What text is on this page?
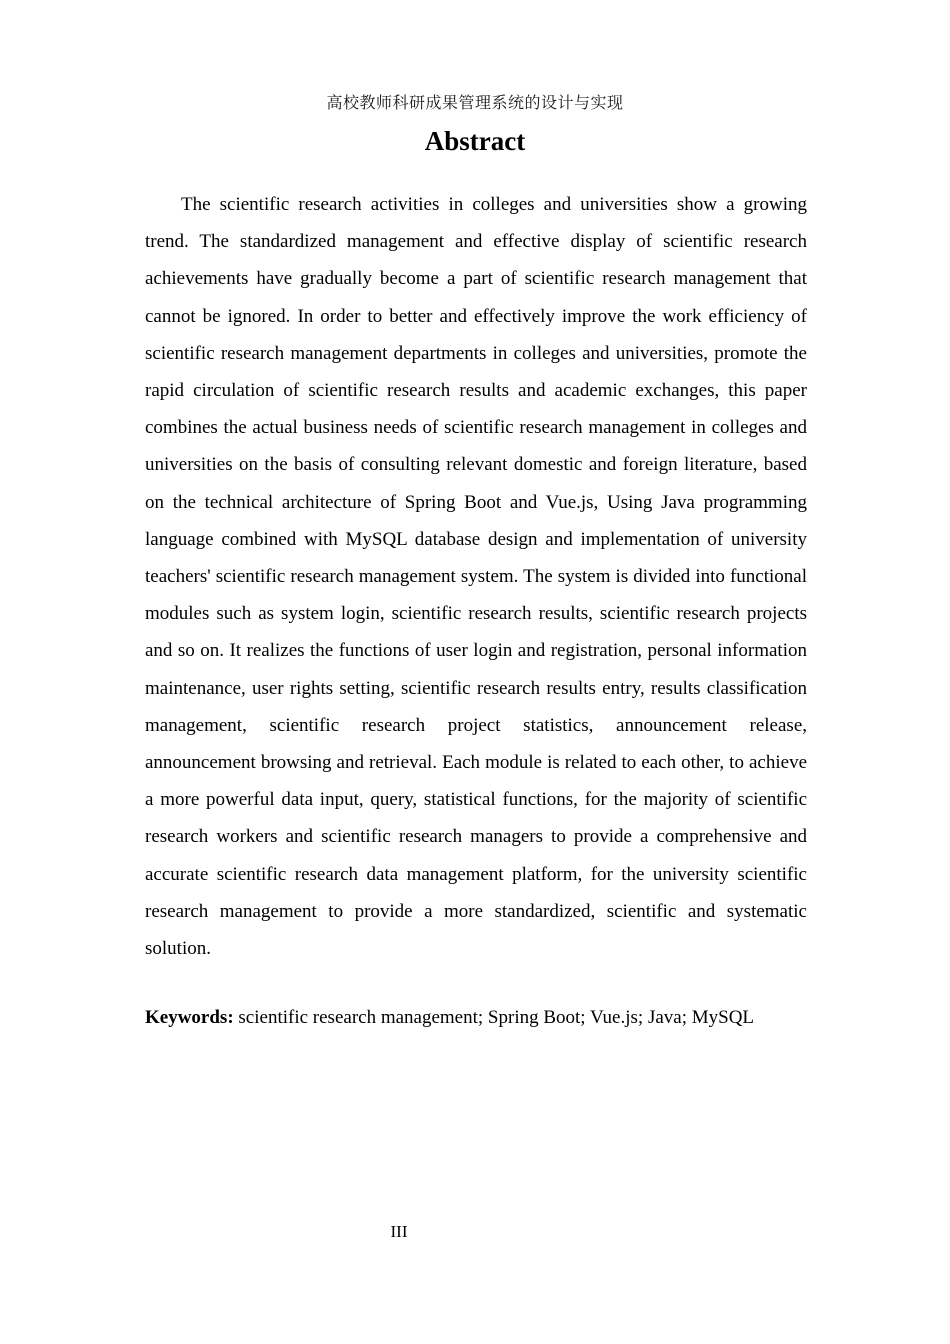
高校教师科研成果管理系统的设计与实现
Abstract

The scientific research activities in colleges and universities show a growing trend. The standardized management and effective display of scientific research achievements have gradually become a part of scientific research management that cannot be ignored. In order to better and effectively improve the work efficiency of scientific research management departments in colleges and universities, promote the rapid circulation of scientific research results and academic exchanges, this paper combines the actual business needs of scientific research management in colleges and universities on the basis of consulting relevant domestic and foreign literature, based on the technical architecture of Spring Boot and Vue.js, Using Java programming language combined with MySQL database design and implementation of university teachers' scientific research management system. The system is divided into functional modules such as system login, scientific research results, scientific research projects and so on. It realizes the functions of user login and registration, personal information maintenance, user rights setting, scientific research results entry, results classification management, scientific research project statistics, announcement release, announcement browsing and retrieval. Each module is related to each other, to achieve a more powerful data input, query, statistical functions, for the majority of scientific research workers and scientific research managers to provide a comprehensive and accurate scientific research data management platform, for the university scientific research management to provide a more standardized, scientific and systematic solution.

Keywords: scientific research management; Spring Boot; Vue.js; Java; MySQL
III
